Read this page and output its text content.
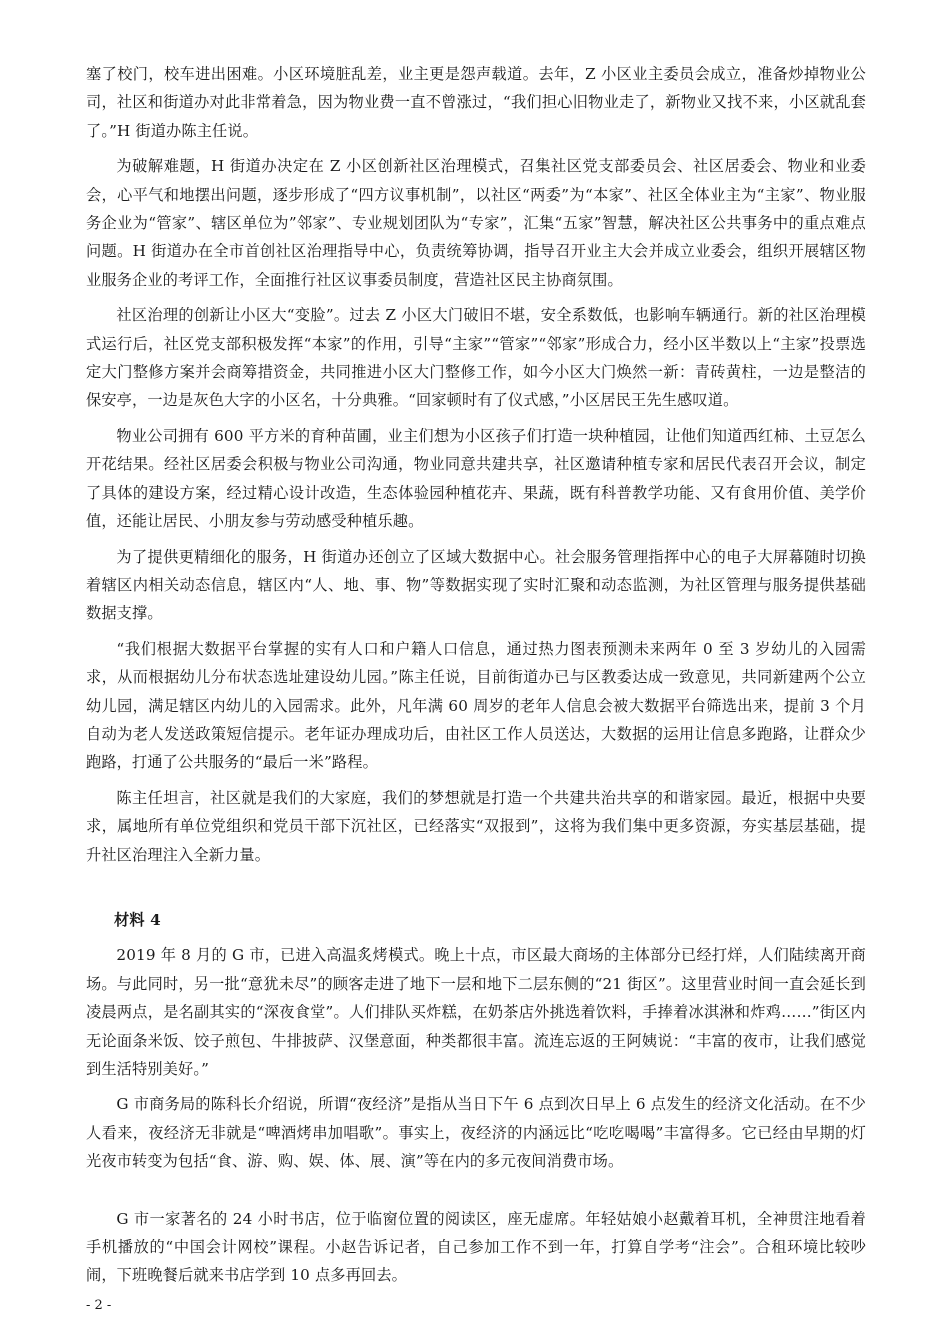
塞了校门，校车进出困难。小区环境脏乱差，业主更是怨声载道。去年，Z 小区业主委员会成立，准备炒掉物业公司，社区和街道办对此非常着急，因为物业费一直不曾涨过，“我们担心旧物业走了，新物业又找不来，小区就乱套了。”H 街道办陈主任说。

为破解难题，H 街道办决定在 Z 小区创新社区治理模式，召集社区党支部委员会、社区居委会、物业和业委会，心平气和地摆出问题，逐步形成了“四方议事机制”，以社区“两委”为“本家”、社区全体业主为“主家”、物业服务企业为“管家”、辖区单位为”邻家”、专业规划团队为“专家”，汇集“五家”智慧，解决社区公共事务中的重点难点问题。H 街道办在全市首创社区治理指导中心，负责统筹协调，指导召开业主大会并成立业委会，组织开展辖区物业服务企业的考评工作，全面推行社区议事委员制度，营造社区民主协商氛围。

社区治理的创新让小区大“变脸”。过去 Z 小区大门破旧不堪，安全系数低，也影响车辆通行。新的社区治理模式运行后，社区党支部积极发挥“本家”的作用，引导“主家”“管家”“邻家”形成合力，经小区半数以上“主家”投票选定大门整修方案并会商筹措资金，共同推进小区大门整修工作，如今小区大门焕然一新：青砖黄柱，一边是整洁的保安亭，一边是灰色大字的小区名，十分典雅。“回家顿时有了仪式感，”小区居民王先生感叹道。

物业公司拥有 600 平方米的育种苗圃，业主们想为小区孩子们打造一块种植园，让他们知道西红柿、土豆怎么开花结果。经社区居委会积极与物业公司沟通，物业同意共建共享，社区邀请种植专家和居民代表召开会议，制定了具体的建设方案，经过精心设计改造，生态体验园种植花卉、果蔬，既有科普教学功能、又有食用价值、美学价值，还能让居民、小朋友参与劳动感受种植乐趣。

为了提供更精细化的服务，H 街道办还创立了区域大数据中心。社会服务管理指挥中心的电子大屏幕随时切换着辖区内相关动态信息，辖区内“人、地、事、物”等数据实现了实时汇聚和动态监测，为社区管理与服务提供基础数据支撑。

“我们根据大数据平台掌握的实有人口和户籍人口信息，通过热力图表预测未来两年 0 至 3 岁幼儿的入园需求，从而根据幼儿分布状态选址建设幼儿园。”陈主任说，目前街道办已与区教委达成一致意见，共同新建两个公立幼儿园，满足辖区内幼儿的入园需求。此外，凡年满 60 周岁的老年人信息会被大数据平台筛选出来，提前 3 个月自动为老人发送政策短信提示。老年证办理成功后，由社区工作人员送达，大数据的运用让信息多跑路，让群众少跑路，打通了公共服务的“最后一米”路程。

陈主任坦言，社区就是我们的大家庭，我们的梦想就是打造一个共建共治共享的和谐家园。最近，根据中央要求，属地所有单位党组织和党员干部下沉社区，已经落实“双报到”，这将为我们集中更多资源，夯实基层基础，提升社区治理注入全新力量。

材料 4

2019 年 8 月的 G 市，已进入高温炙烤模式。晚上十点，市区最大商场的主体部分已经打烊，人们陆续离开商场。与此同时，另一批“意犹未尽”的顾客走进了地下一层和地下二层东侧的“21 街区”。这里营业时间一直会延长到凌晨两点，是名副其实的“深夜食堂”。人们排队买炸糕，在奶茶店外挑选着饮料，手捧着冰淇淋和炸鸡……”街区内无论面条米饭、饺子煎包、牛排披萨、汉堡意面，种类都很丰富。流连忘返的王阿姨说：“丰富的夜市，让我们感觉到生活特别美好。”

G 市商务局的陈科长介绍说，所谓“夜经济”是指从当日下午 6 点到次日早上 6 点发生的经济文化活动。在不少人看来，夜经济无非就是“啤酒烤串加唱歌”。事实上，夜经济的内涵远比“吃吃喝喝”丰富得多。它已经由早期的灯光夜市转变为包括“食、游、购、娱、体、展、演”等在内的多元夜间消费市场。

G 市一家著名的 24 小时书店，位于临窗位置的阅读区，座无虚席。年轻姑娘小赵戴着耳机，全神贯注地看着手机播放的“中国会计网校”课程。小赵告诉记者，自己参加工作不到一年，打算自学考“注会”。合租环境比较吵闹，下班晚餐后就来书店学到 10 点多再回去。

- 2 -
